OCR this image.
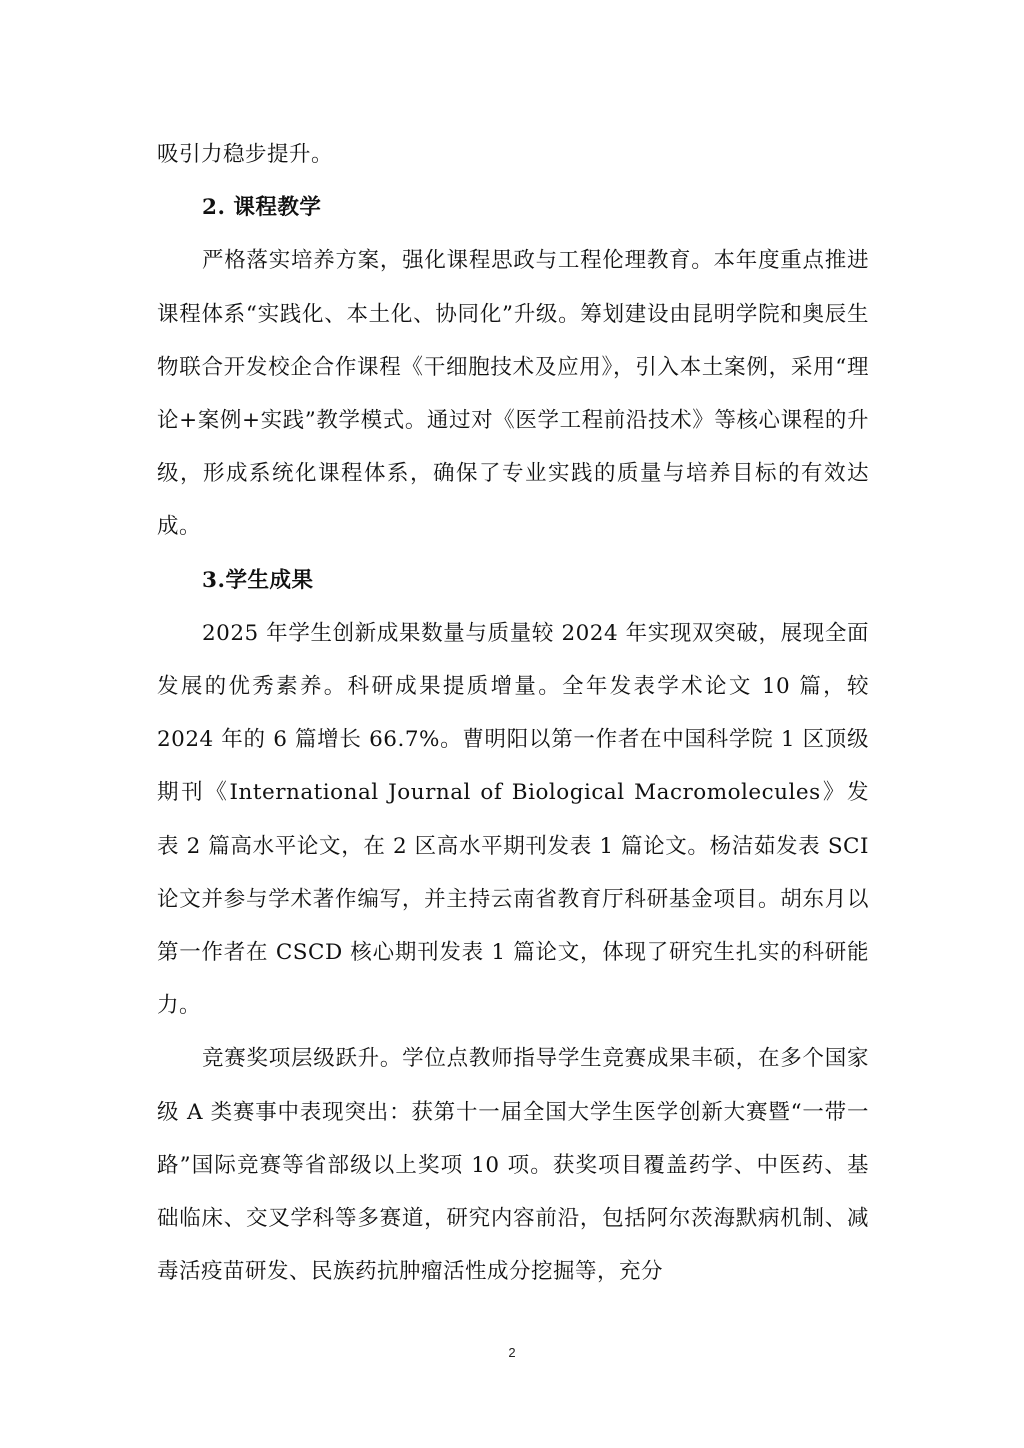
吸引力稳步提升。

2. 课程教学

严格落实培养方案，强化课程思政与工程伦理教育。本年度重点推进课程体系“实践化、本土化、协同化”升级。筹划建设由昆明学院和奥辰生物联合开发校企合作课程《干细胞技术及应用》，引入本土案例，采用“理论+案例+实践”教学模式。通过对《医学工程前沿技术》等核心课程的升级，形成系统化课程体系，确保了专业实践的质量与培养目标的有效达成。

3.学生成果

2025 年学生创新成果数量与质量较 2024 年实现双突破，展现全面发展的优秀素养。科研成果提质增量。全年发表学术论文 10 篇，较 2024 年的 6 篇增长 66.7%。曹明阳以第一作者在中国科学院 1 区顶级期刊《International Journal of Biological Macromolecules》发表 2 篇高水平论文，在 2 区高水平期刊发表 1 篇论文。杨洁茹发表 SCI 论文并参与学术著作编写，并主持云南省教育厅科研基金项目。胡东月以第一作者在 CSCD 核心期刊发表 1 篇论文，体现了研究生扎实的科研能力。

竞赛奖项层级跃升。学位点教师指导学生竞赛成果丰硕，在多个国家级 A 类赛事中表现突出：获第十一届全国大学生医学创新大赛暨“一带一路”国际竞赛等省部级以上奖项 10 项。获奖项目覆盖药学、中医药、基础临床、交叉学科等多赛道，研究内容前沿，包括阿尔茨海默病机制、减毒活疫苗研发、民族药抗肿瘤活性成分挖掘等，充分

2
